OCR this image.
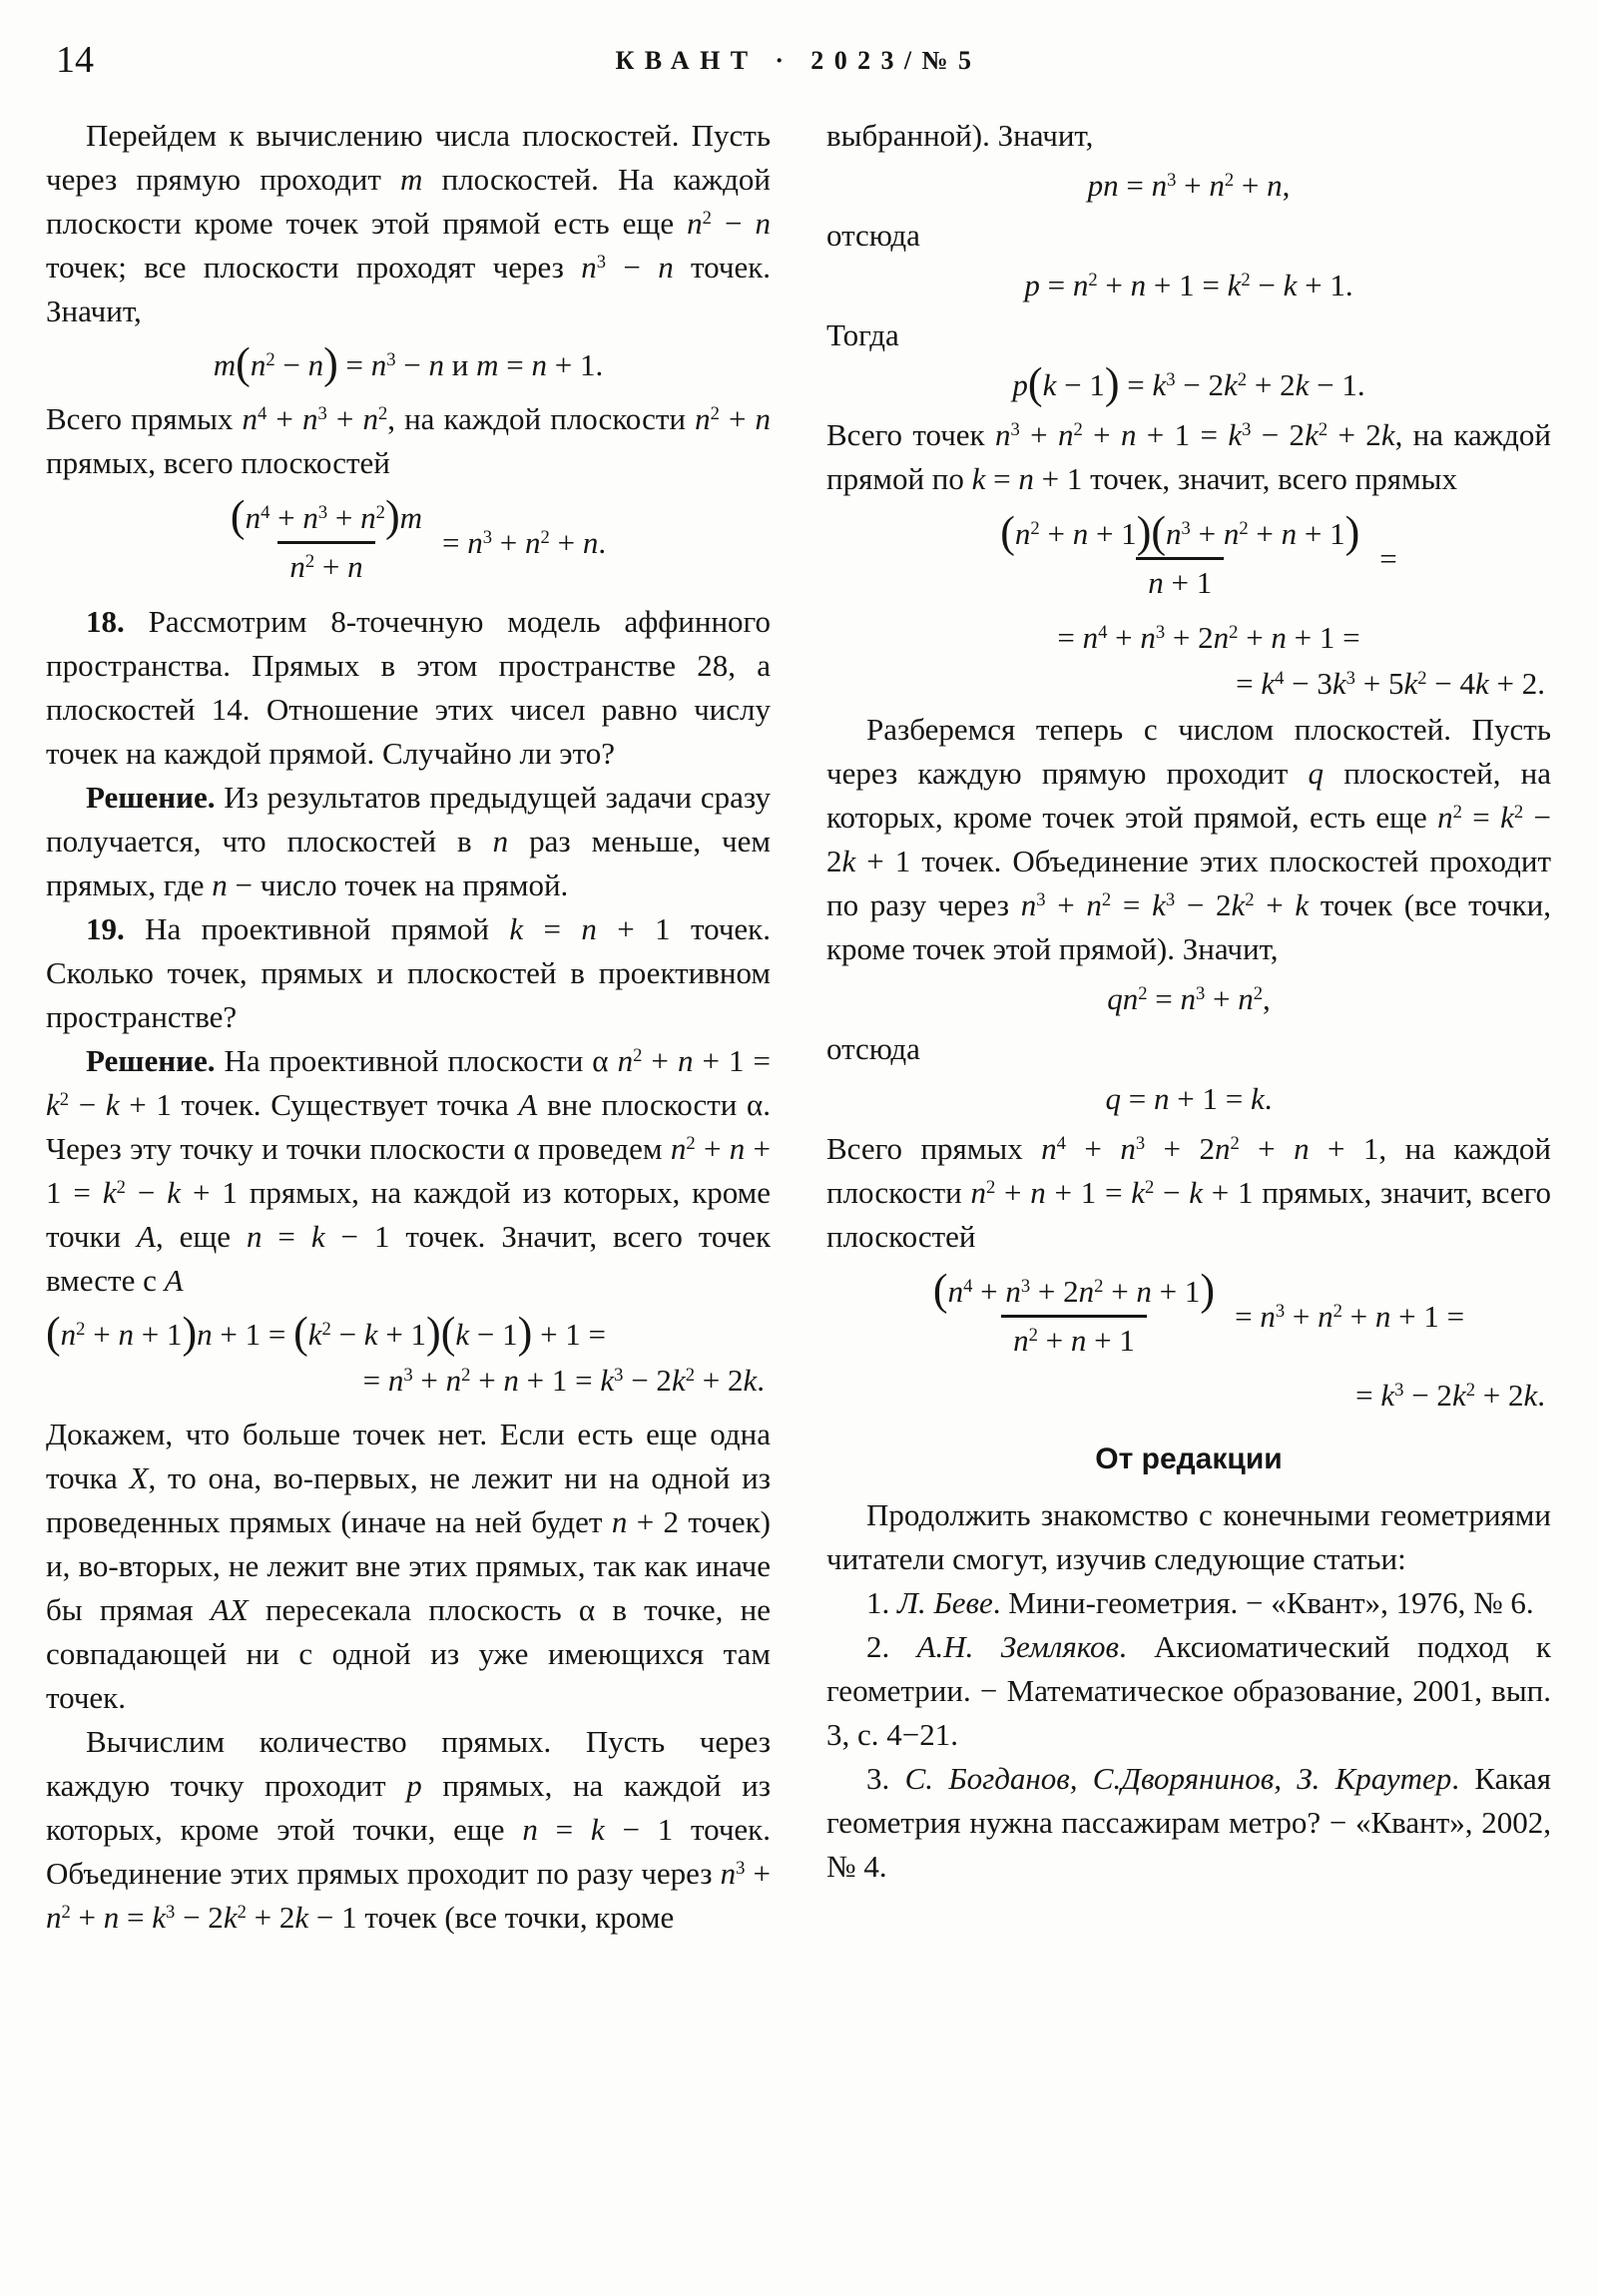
14	КВАНТ · 2023/№5

Перейдем к вычислению числа плоскостей. Пусть через прямую проходит m плоскостей. На каждой плоскости кроме точек этой прямой есть еще $n^2 - n$ точек; все плоскости проходят через $n^3 - n$ точек. Значит,

$m(n^2 - n) = n^3 - n$ и m = n + 1.

Всего прямых $n^4 + n^3 + n^2$, на каждой плоскости $n^2 + n$ прямых, всего плоскостей

$\frac{(n^4 + n^3 + n^2)m}{n^2 + n} = n^3 + n^2 + n$.

18. Рассмотрим 8-точечную модель аффинного пространства. Прямых в этом пространстве 28, а плоскостей 14. Отношение этих чисел равно числу точек на каждой прямой. Случайно ли это?

Решение. Из результатов предыдущей задачи сразу получается, что плоскостей в n раз меньше, чем прямых, где n − число точек на прямой.

19. На проективной прямой k = n + 1 точек. Сколько точек, прямых и плоскостей в проективном пространстве?

Решение. На проективной плоскости α $n^2 + n + 1 = k^2 - k + 1$ точек. Существует точка A вне плоскости α. Через эту точку и точки плоскости α проведем $n^2 + n + 1 = k^2 - k + 1$ прямых, на каждой из которых, кроме точки A, еще n = k − 1 точек. Значит, всего точек вместе с A

$(n^2 + n + 1)n + 1 = (k^2 - k + 1)(k - 1) + 1$ =
= $n^3 + n^2 + n + 1 = k^3 - 2k^2 + 2k$.

Докажем, что больше точек нет. Если есть еще одна точка X, то она, во-первых, не лежит ни на одной из проведенных прямых (иначе на ней будет n + 2 точек) и, во-вторых, не лежит вне этих прямых, так как иначе бы прямая AX пересекала плоскость α в точке, не совпадающей ни с одной из уже имеющихся там точек.

Вычислим количество прямых. Пусть через каждую точку проходит p прямых, на каждой из которых, кроме этой точки, еще n = k − 1 точек. Объединение этих прямых проходит по разу через $n^3 + n^2 + n = k^3 - 2k^2 + 2k - 1$ точек (все точки, кроме

выбранной). Значит,

pn = $n^3 + n^2 + n$,

отсюда

$p = n^2 + n + 1 = k^2 - k + 1$.

Тогда

$p(k - 1) = k^3 - 2k^2 + 2k - 1$.

Всего точек $n^3 + n^2 + n + 1 = k^3 - 2k^2 + 2k$, на каждой прямой по k = n + 1 точек, значит, всего прямых

$\frac{(n^2 + n + 1)(n^3 + n^2 + n + 1)}{n + 1}$ =
= $n^4 + n^3 + 2n^2 + n + 1$ =
= $k^4 - 3k^3 + 5k^2 - 4k + 2$.

Разберемся теперь с числом плоскостей. Пусть через каждую прямую проходит q плоскостей, на которых, кроме точек этой прямой, есть еще $n^2 = k^2 - 2k + 1$ точек. Объединение этих плоскостей проходит по разу через $n^3 + n^2 = k^3 - 2k^2 + k$ точек (все точки, кроме точек этой прямой). Значит,

$qn^2 = n^3 + n^2$,

отсюда

q = n + 1 = k.

Всего прямых $n^4 + n^3 + 2n^2 + n + 1$, на каждой плоскости $n^2 + n + 1 = k^2 - k + 1$ прямых, значит, всего плоскостей

$\frac{(n^4 + n^3 + 2n^2 + n + 1)}{n^2 + n + 1} = n^3 + n^2 + n + 1$ =
= $k^3 - 2k^2 + 2k$.
От редакции

Продолжить знакомство с конечными геометриями читатели смогут, изучив следующие статьи:

1. Л. Беве. Мини-геометрия. − «Квант», 1976, № 6.

2. А.Н. Земляков. Аксиоматический подход к геометрии. − Математическое образование, 2001, вып. 3, с. 4−21.

3. С. Богданов, С.Дворянинов, З. Краутер. Какая геометрия нужна пассажирам метро? − «Квант», 2002, № 4.
